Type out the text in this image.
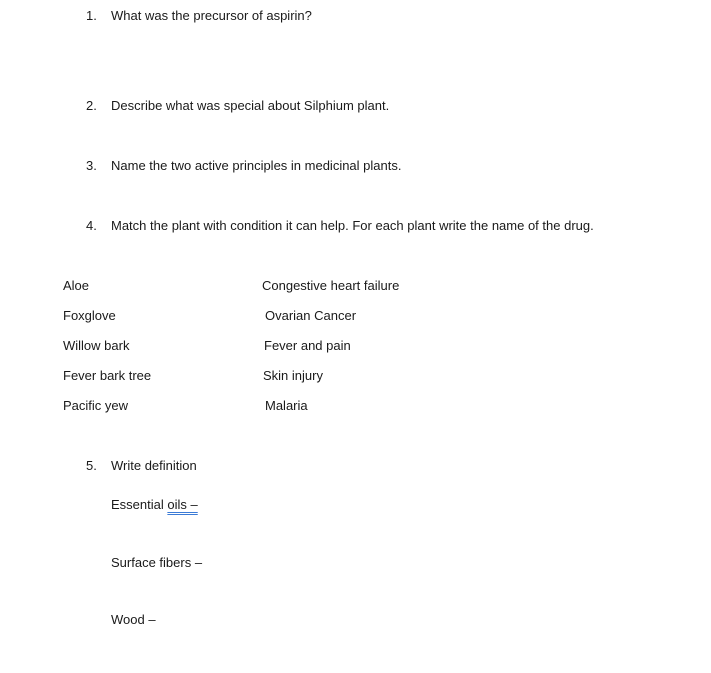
1. What was the precursor of aspirin?
2. Describe what was special about Silphium plant.
3. Name the two active principles in medicinal plants.
4. Match the plant with condition it can help. For each plant write the name of the drug.
Aloe
Foxglove
Willow bark
Fever bark tree
Pacific yew
Congestive heart failure
Ovarian Cancer
Fever and pain
Skin injury
Malaria
5. Write definition
Essential oils –
Surface fibers –
Wood –
